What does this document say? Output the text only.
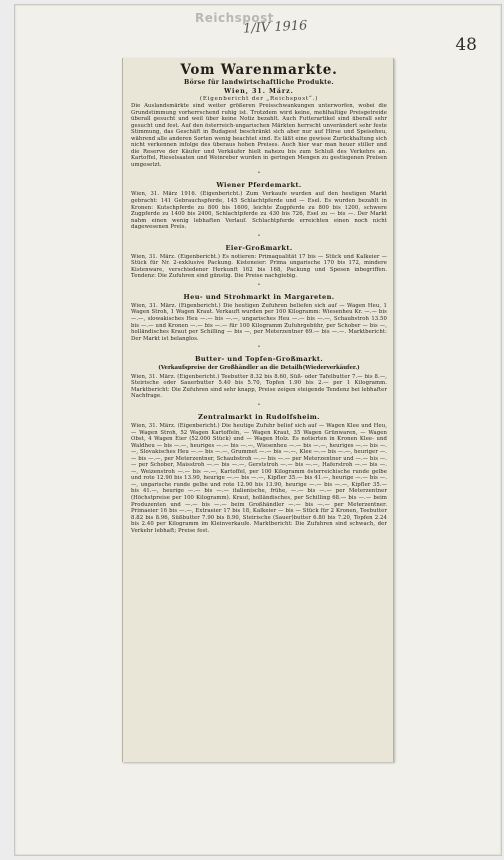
Reichspost
1/IV 1916
48
Vom Warenmarkte.
Börse für landwirtschaftliche Produkte.
Wien, 31. März.
(Eigenbericht der „Reichspost“.)

Die Auslandsmärkte sind weiter größeren Preisschwankungen unterworfen, wobei die Grundstimmung vorherrschend ruhig ist. Trotzdem wird keine, mehlhaltige Preisgetreide überall gesucht und weil über keine Notiz bezahlt. Auch Futterartikel sind überall sehr gesucht und fest. Auf den österreich-ungarischen Märkten herrscht unverändert sehr feste Stimmung, das Geschäft in Budapest beschränkt sich aber nur auf Hirse und Speiseheu, während alle anderen Sorten wenig beachtet sind. Es läßt eine gewisse Zurückhaltung sich nicht verkennen infolge des überaus hohen Preises. Auch hier war man heuer stiller und die Reserve der Käufer und Verkäufer hielt nahezu bis zum Schluß des Verkehrs an. Kartoffel, Rieselsaaten und Weinreber wurden in geringen Mengen zu gestiegenen Preisen umgesetzt.

•
Wiener Pferdemarkt.

Wien, 31. März 1916. (Eigenbericht.) Zum Verkaufe wurden auf den heutigen Markt gebracht: 141 Gebrauchspferde, 145 Schlachtpferde und — Esel. Es wurden bezahlt in Kronen: Kutschpferde zu 800 bis 1600, leichte Zugpferde zu 800 bis 1200, schwere Zugpferde zu 1400 bis 2400, Schlachtpferde zu 430 bis 726, Esel zu — bis —. Der Markt nahm einen wenig lebhaften Verlauf. Schlachtpferde erreichten einen noch nicht dagewesenen Preis.

•
Eier-Großmarkt.

Wien, 31. März. (Eigenbericht.) Es notieren: Primaqualität 17 bis — Stück und Kalkeier — Stück für Nr. 2-exklusive Packung. Kisteneier: Prima ungarische 170 bis 172, mindere Kistenware, verschiedener Herkunft 162 bis 168, Packung und Spesen inbegriffen. Tendenz: Die Zufuhren sind günstig. Die Preise nachgiebig.

•
Heu- und Strohmarkt in Margareten.

Wien, 31. März. (Eigenbericht.) Die heutigen Zufuhren beliefen sich auf — Wagen Heu, 1 Wagen Stroh, 1 Wagen Kraut. Verkauft wurden per 100 Kilogramm: Wiesenheu Kr. —.— bis —.—, slowakisches Heu —.— bis —.—, ungarisches Heu —.— bis —.—, Schaubstroh 13.50 bis —.— und Kronen —.— bis —.— für 100 Kilogramm Zufuhrgebühr, per Schober — bis —, holländisches Kraut per Schilling — bis —, per Meterzentner 69.— bis —.—. Marktbericht: Der Markt ist belanglos.

•
Butter- und Topfen-Großmarkt.
(Verkaufspreise der Großhändler an die Detailh(Wiederverkäufer.)

Wien, 31. März. (Eigenbericht.) Teebutter 8.32 bis 8.60, Süß- oder Tafelbutter 7.— bis 8.—, Steirische oder Sauerbutter 5.40 bis 5.70, Topfen 1.90 bis 2.— per 1 Kilogramm. Marktbericht: Die Zufuhren sind sehr knapp, Preise zeigen steigende Tendenz bei lebhafter Nachfrage.

•
Zentralmarkt in Rudolfsheim.

Wien, 31. März. (Eigenbericht.) Die heutige Zufuhr belief sich auf — Wagen Klee und Heu, — Wagen Stroh, 52 Wagen Kartoffeln, — Wagen Kraut, 35 Wagen Grünwaren, — Wagen Obst, 4 Wagen Eier (52.000 Stück) und — Wagen Holz. Es notierten in Kronen Klee- und Waldheu — bis —.—, heuriges —.— bis —.—, Wiesenheu —.— bis —.—, heuriges —.— bis —.—, Slovakisches Heu —.— bis —.—, Grummet —.— bis —.—, Klee —.— bis —.—, heuriger —.— bis —.—, per Meterzentner, Schaubstroh —.— bis —.— per Meterzentner und —.— bis —.— per Schober, Maisstroh —.— bis —.—, Gerststroh —.— bis —.—, Haferstroh —.— bis —.—, Weizenstroh —.— bis —.—, Kartoffel, per 100 Kilogramm österreichische runde gelbe und rote 12.90 bis 13.90, heurige —.— bis —.—, Kipfler 35.— bis 41.—, heurige —.— bis —.—, ungarische runde gelbe und rote 12.90 bis 13.90, heurige —.— bis —.—, Kipfler 35.— bis 41.—, heurige —.— bis —.— italienische, frühe, —.— bis —.— per Meterzentner (Höchstpreise per 100 Kilogramm). Kraut, holländisches, per Schilling 68.— bis —.— beim Produzenten und —.— bis —.— beim Großhändler —.— bis —.— per Meterzentner. Primaeier 16 bis —.—, Extraeier 17 bis 18, Kalkeier — bis — Stück für 2 Kronen, Teebutter 8.82 bis 8.96, Süßbutter 7.90 bis 8.90, Steirische (Sauer)butter 6.80 bis 7.20, Topfen 2.24 bis 2.40 per Kilogramm im Kleinverkaufe. Marktbericht: Die Zufuhren sind schwach, der Verkehr lebhaft; Preise fest.
